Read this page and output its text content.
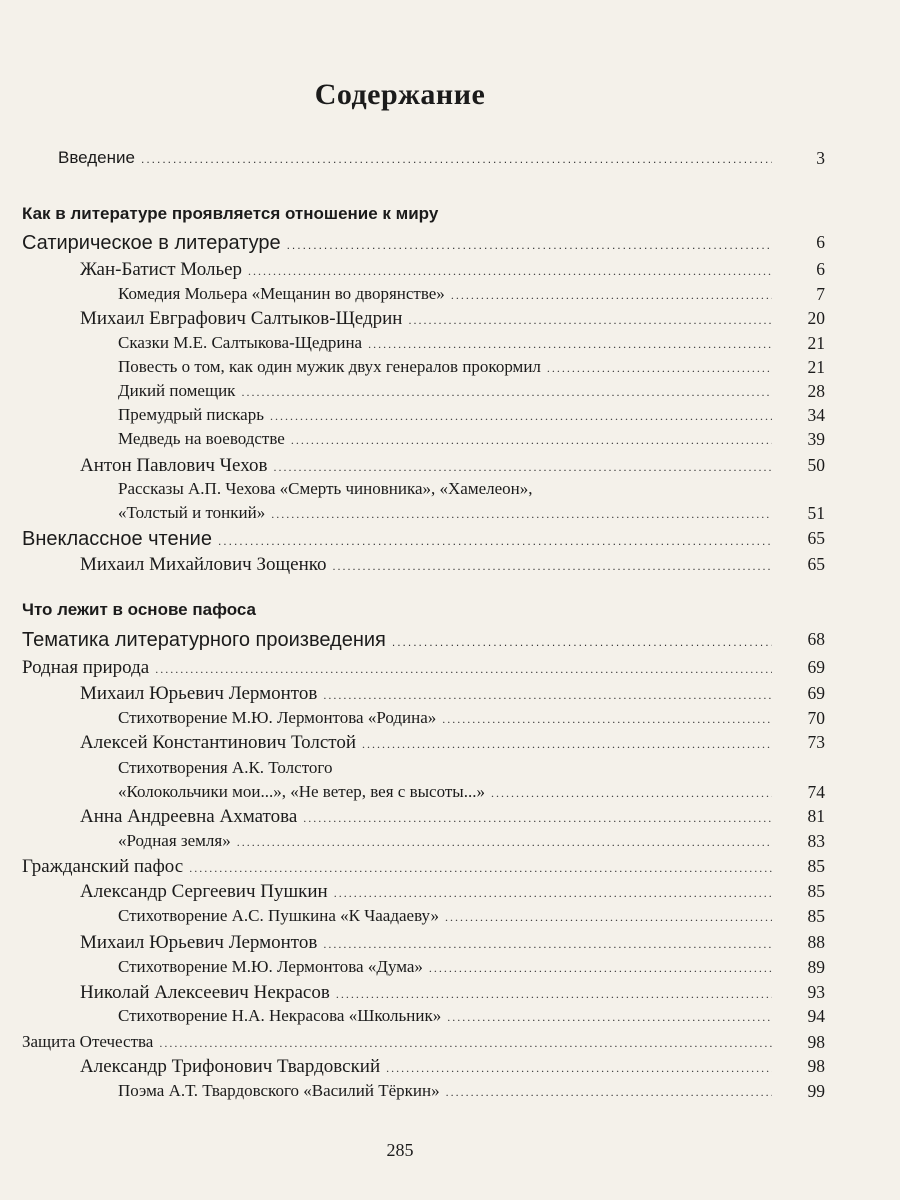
Содержание
Введение .....	3
Как в литературе проявляется отношение к миру
Сатирическое в литературе .....	6
Жан-Батист Мольер .....	6
Комедия Мольера «Мещанин во дворянстве» .....	7
Михаил Евграфович Салтыков-Щедрин .....	20
Сказки М.Е. Салтыкова-Щедрина .....	21
Повесть о том, как один мужик двух генералов прокормил .....	21
Дикий помещик .....	28
Премудрый пискарь .....	34
Медведь на воеводстве .....	39
Антон Павлович Чехов .....	50
Рассказы А.П. Чехова «Смерть чиновника», «Хамелеон»,
«Толстый и тонкий» .....	51
Внеклассное чтение .....	65
Михаил Михайлович Зощенко .....	65
Что лежит в основе пафоса
Тематика литературного произведения .....	68
Родная природа .....	69
Михаил Юрьевич Лермонтов .....	69
Стихотворение М.Ю. Лермонтова «Родина» .....	70
Алексей Константинович Толстой .....	73
Стихотворения А.К. Толстого
«Колокольчики мои...», «Не ветер, вея с высоты...» .....	74
Анна Андреевна Ахматова .....	81
«Родная земля» .....	83
Гражданский пафос .....	85
Александр Сергеевич Пушкин .....	85
Стихотворение А.С. Пушкина «К Чаадаеву» .....	85
Михаил Юрьевич Лермонтов .....	88
Стихотворение М.Ю. Лермонтова «Дума» .....	89
Николай Алексеевич Некрасов .....	93
Стихотворение Н.А. Некрасова «Школьник» .....	94
Защита Отечества .....	98
Александр Трифонович Твардовский .....	98
Поэма А.Т. Твардовского «Василий Тёркин» .....	99
285
